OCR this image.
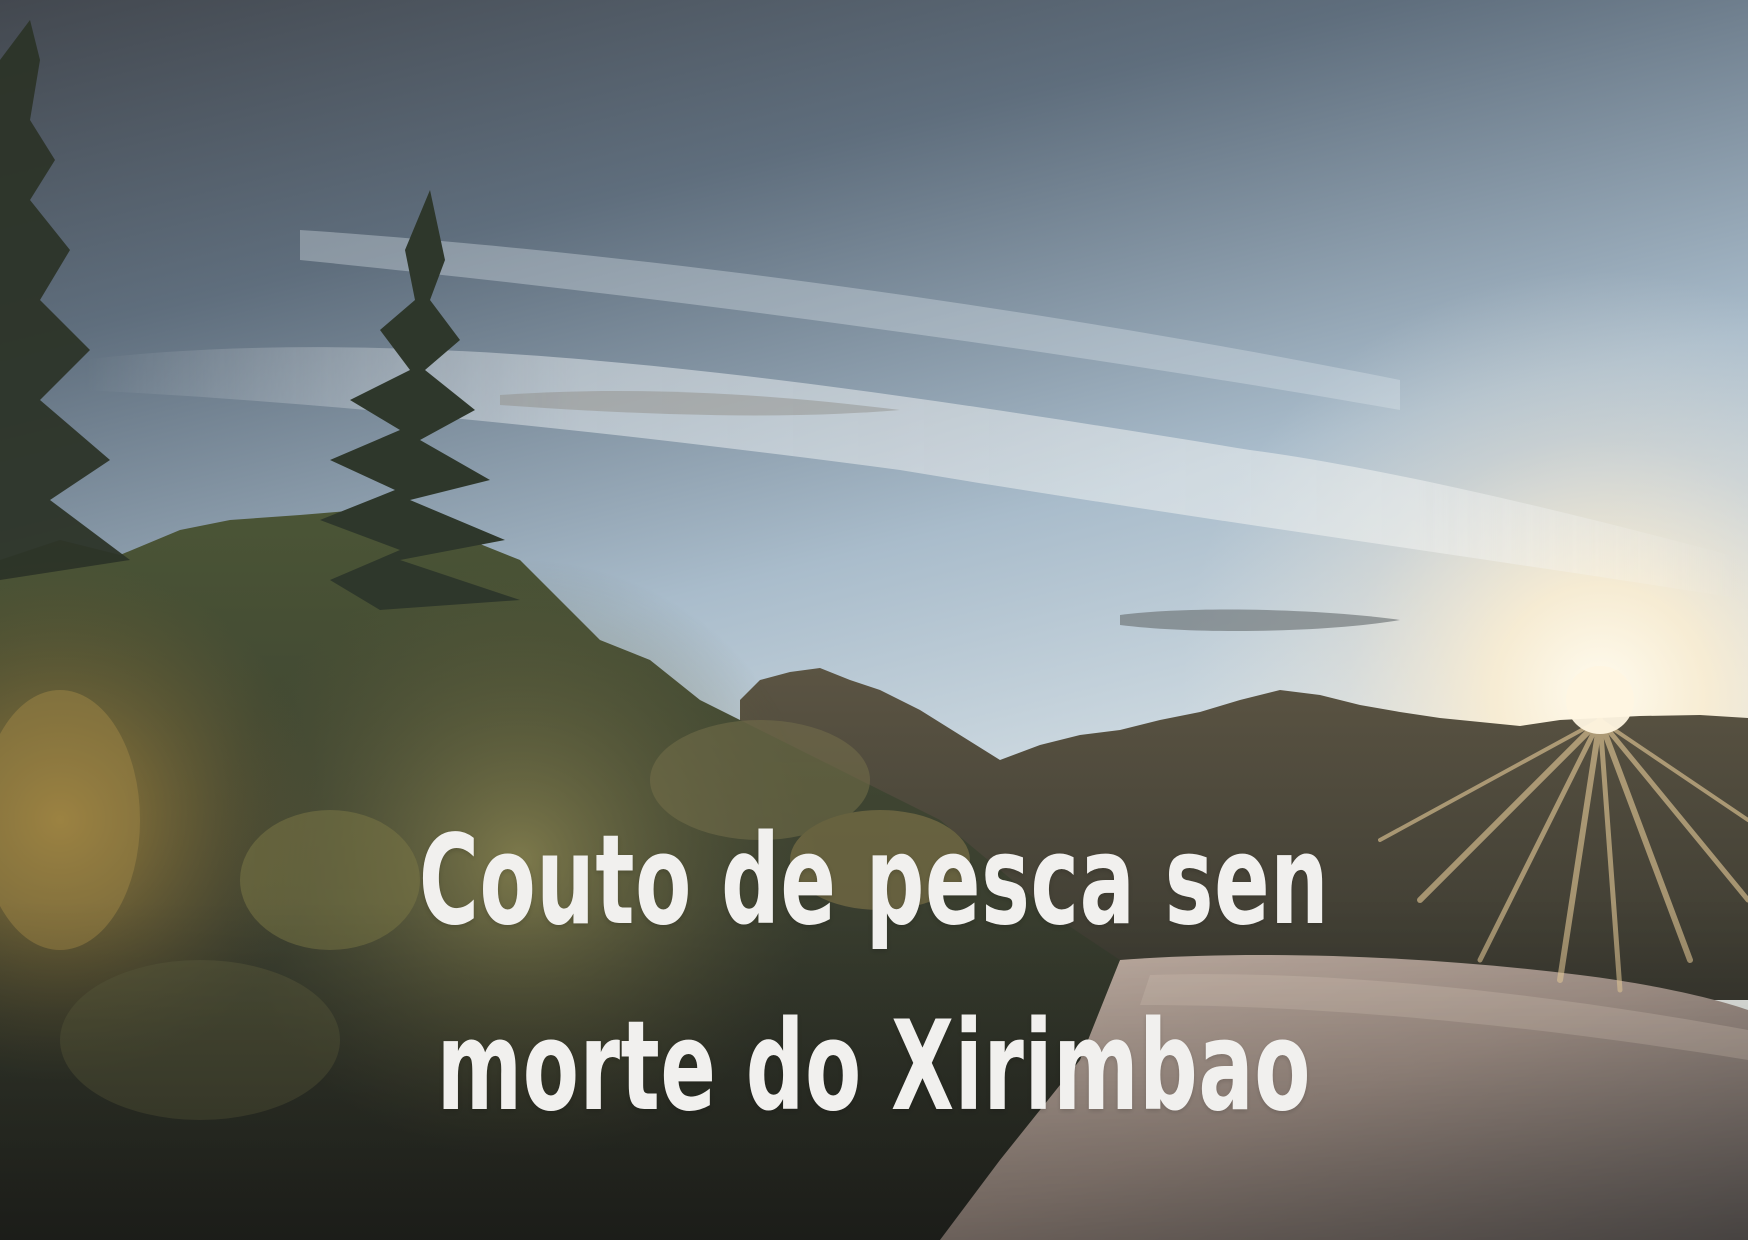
Couto de pesca sen
morte do Xirimbao
